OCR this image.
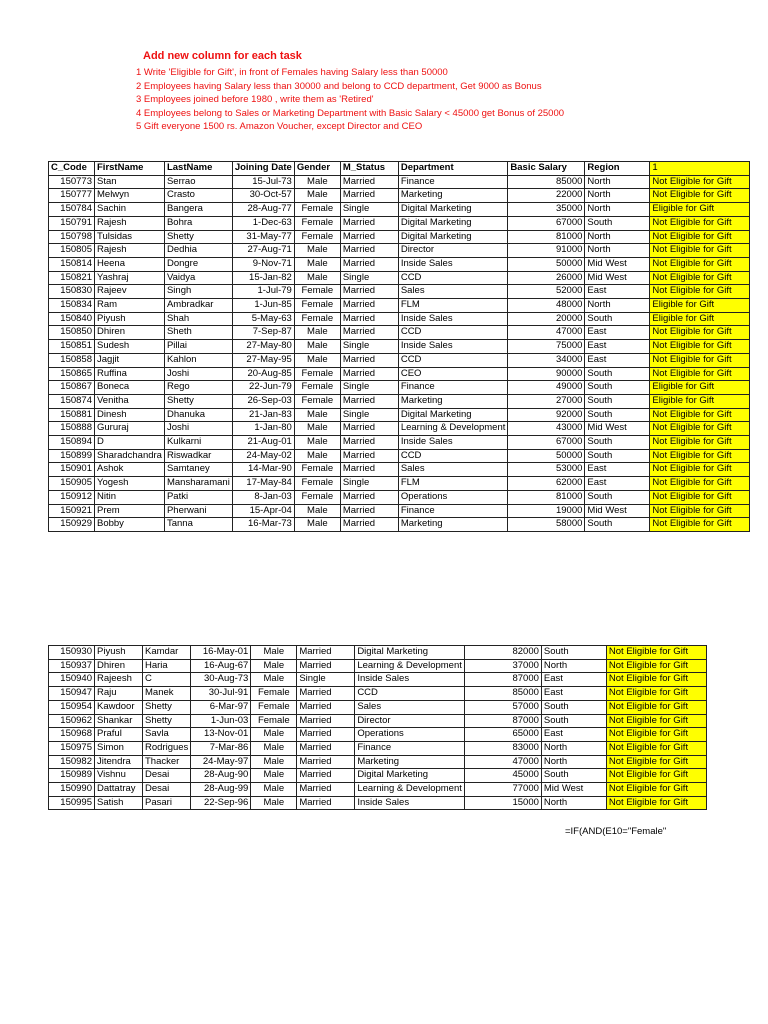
Add new column for each task
1 Write 'Eligible for Gift', in front of Females having Salary less than 50000
2 Employees having Salary less than 30000 and belong to CCD department, Get 9000 as Bonus
3 Employees joined before 1980 , write them as 'Retired'
4 Employees belong to Sales or Marketing Department with Basic Salary < 45000 get Bonus of 25000
5 Gift everyone 1500 rs. Amazon Voucher, except Director and CEO
C_Code	FirstName	LastName	Joining Date	Gender	M_Status	Department	Basic Salary	Region	1
150773	Stan	Serrao	15-Jul-73	Male	Married	Finance	85000	North	Not Eligible for Gift
150777	Melwyn	Crasto	30-Oct-57	Male	Married	Marketing	22000	North	Not Eligible for Gift
150784	Sachin	Bangera	28-Aug-77	Female	Single	Digital Marketing	35000	North	Eligible for Gift
150791	Rajesh	Bohra	1-Dec-63	Female	Married	Digital Marketing	67000	South	Not Eligible for Gift
150798	Tulsidas	Shetty	31-May-77	Female	Married	Digital Marketing	81000	North	Not Eligible for Gift
150805	Rajesh	Dedhia	27-Aug-71	Male	Married	Director	91000	North	Not Eligible for Gift
150814	Heena	Dongre	9-Nov-71	Male	Married	Inside Sales	50000	Mid West	Not Eligible for Gift
150821	Yashraj	Vaidya	15-Jan-82	Male	Single	CCD	26000	Mid West	Not Eligible for Gift
150830	Rajeev	Singh	1-Jul-79	Female	Married	Sales	52000	East	Not Eligible for Gift
150834	Ram	Ambradkar	1-Jun-85	Female	Married	FLM	48000	North	Eligible for Gift
150840	Piyush	Shah	5-May-63	Female	Married	Inside Sales	20000	South	Eligible for Gift
150850	Dhiren	Sheth	7-Sep-87	Male	Married	CCD	47000	East	Not Eligible for Gift
150851	Sudesh	Pillai	27-May-80	Male	Single	Inside Sales	75000	East	Not Eligible for Gift
150858	Jagjit	Kahlon	27-May-95	Male	Married	CCD	34000	East	Not Eligible for Gift
150865	Ruffina	Joshi	20-Aug-85	Female	Married	CEO	90000	South	Not Eligible for Gift
150867	Boneca	Rego	22-Jun-79	Female	Single	Finance	49000	South	Eligible for Gift
150874	Venitha	Shetty	26-Sep-03	Female	Married	Marketing	27000	South	Eligible for Gift
150881	Dinesh	Dhanuka	21-Jan-83	Male	Single	Digital Marketing	92000	South	Not Eligible for Gift
150888	Gururaj	Joshi	1-Jan-80	Male	Married	Learning & Development	43000	Mid West	Not Eligible for Gift
150894	D	Kulkarni	21-Aug-01	Male	Married	Inside Sales	67000	South	Not Eligible for Gift
150899	Sharadchandra	Riswadkar	24-May-02	Male	Married	CCD	50000	South	Not Eligible for Gift
150901	Ashok	Samtaney	14-Mar-90	Female	Married	Sales	53000	East	Not Eligible for Gift
150905	Yogesh	Mansharamani	17-May-84	Female	Single	FLM	62000	East	Not Eligible for Gift
150912	Nitin	Patki	8-Jan-03	Female	Married	Operations	81000	South	Not Eligible for Gift
150921	Prem	Pherwani	15-Apr-04	Male	Married	Finance	19000	Mid West	Not Eligible for Gift
150929	Bobby	Tanna	16-Mar-73	Male	Married	Marketing	58000	South	Not Eligible for Gift
150930	Piyush	Kamdar	16-May-01	Male	Married	Digital Marketing	82000	South	Not Eligible for Gift
150937	Dhiren	Haria	16-Aug-67	Male	Married	Learning & Development	37000	North	Not Eligible for Gift
150940	Rajeesh	C	30-Aug-73	Male	Single	Inside Sales	87000	East	Not Eligible for Gift
150947	Raju	Manek	30-Jul-91	Female	Married	CCD	85000	East	Not Eligible for Gift
150954	Kawdoor	Shetty	6-Mar-97	Female	Married	Sales	57000	South	Not Eligible for Gift
150962	Shankar	Shetty	1-Jun-03	Female	Married	Director	87000	South	Not Eligible for Gift
150968	Praful	Savla	13-Nov-01	Male	Married	Operations	65000	East	Not Eligible for Gift
150975	Simon	Rodrigues	7-Mar-86	Male	Married	Finance	83000	North	Not Eligible for Gift
150982	Jitendra	Thacker	24-May-97	Male	Married	Marketing	47000	North	Not Eligible for Gift
150989	Vishnu	Desai	28-Aug-90	Male	Married	Digital Marketing	45000	South	Not Eligible for Gift
150990	Dattatray	Desai	28-Aug-99	Male	Married	Learning & Development	77000	Mid West	Not Eligible for Gift
150995	Satish	Pasari	22-Sep-96	Male	Married	Inside Sales	15000	North	Not Eligible for Gift
=IF(AND(E10="Female"
